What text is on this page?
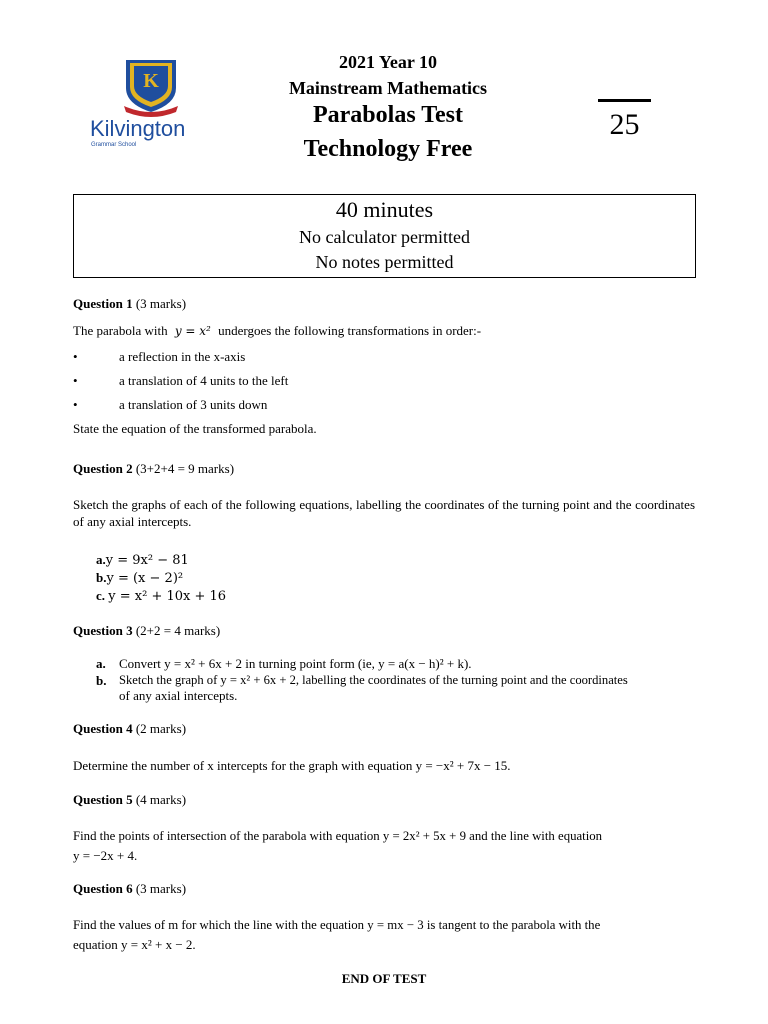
2021 Year 10
Mainstream Mathematics
Parabolas Test
Technology Free
25
K
Kilvington
Grammar School
40 minutes
No calculator permitted
No notes permitted
Question 1 (3 marks)
The parabola with y = x² undergoes the following transformations in order:-
•	a reflection in the x-axis
•	a translation of 4 units to the left
•	a translation of 3 units down
State the equation of the transformed parabola.
Question 2 (3+2+4 = 9 marks)
Sketch the graphs of each of the following equations, labelling the coordinates of the turning point and the coordinates of any axial intercepts.
a.y = 9x² − 81
b.y = (x − 2)²
c. y = x² + 10x + 16
Question 3 (2+2 = 4 marks)
a. Convert y = x² + 6x + 2 in turning point form (ie, y = a(x − h)² + k).
b. Sketch the graph of y = x² + 6x + 2, labelling the coordinates of the turning point and the coordinates
of any axial intercepts.
Question 4 (2 marks)
Determine the number of x intercepts for the graph with equation y = −x² + 7x − 15.
Question 5 (4 marks)
Find the points of intersection of the parabola with equation y = 2x² + 5x + 9 and the line with equation
y = −2x + 4.
Question 6 (3 marks)
Find the values of m for which the line with the equation y = mx − 3 is tangent to the parabola with the
equation y = x² + x − 2.
END OF TEST
